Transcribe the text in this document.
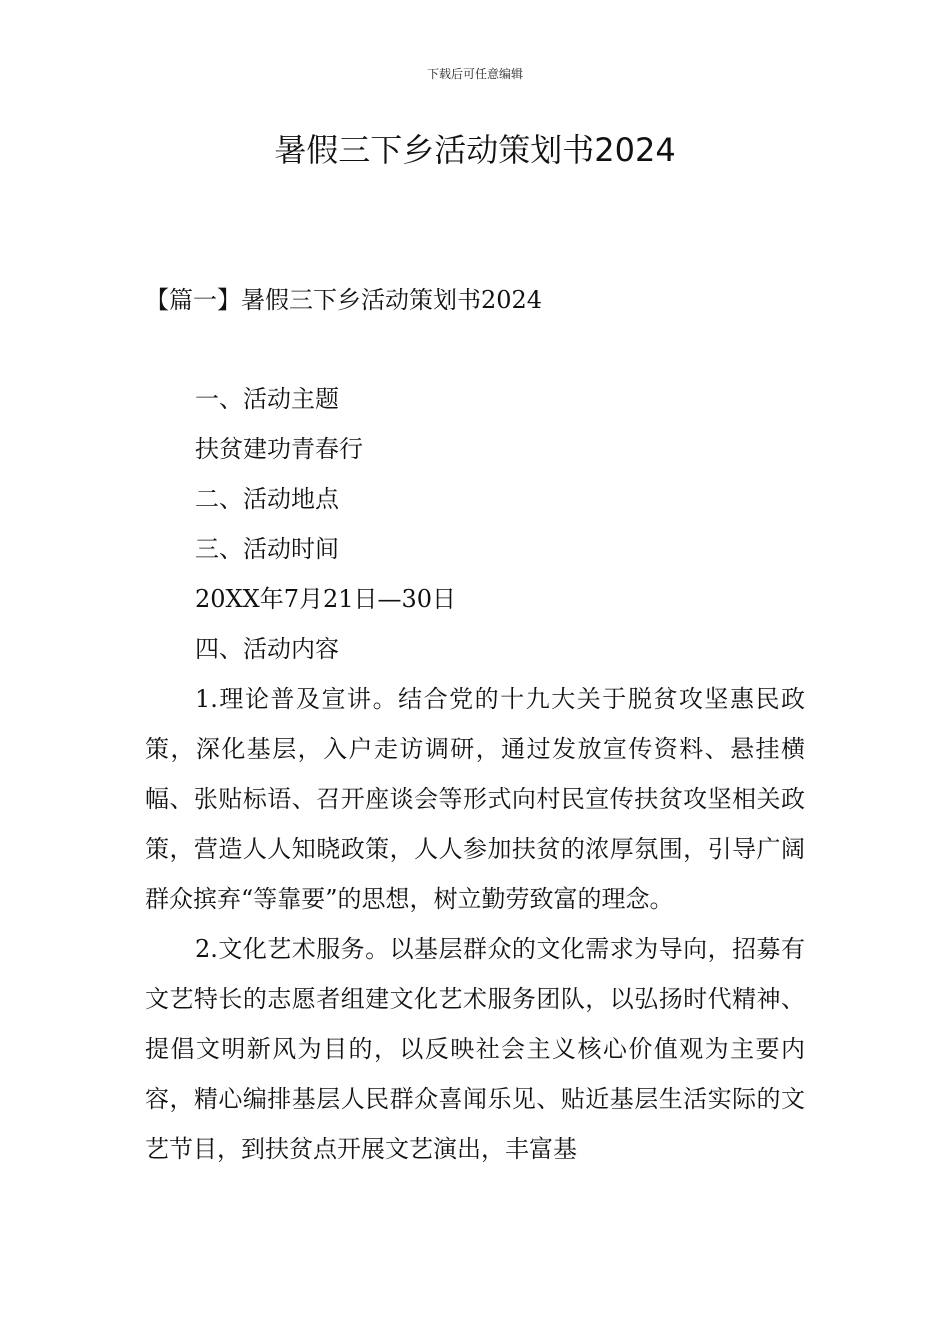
下载后可任意编辑
暑假三下乡活动策划书2024
【篇一】暑假三下乡活动策划书2024

一、活动主题

扶贫建功青春行

二、活动地点

三、活动时间

20XX年7月21日—30日

四、活动内容

1.理论普及宣讲。结合党的十九大关于脱贫攻坚惠民政策，深化基层，入户走访调研，通过发放宣传资料、悬挂横幅、张贴标语、召开座谈会等形式向村民宣传扶贫攻坚相关政策，营造人人知晓政策，人人参加扶贫的浓厚氛围，引导广阔群众摈弃“等靠要”的思想，树立勤劳致富的理念。

2.文化艺术服务。以基层群众的文化需求为导向，招募有文艺特长的志愿者组建文化艺术服务团队，以弘扬时代精神、提倡文明新风为目的，以反映社会主义核心价值观为主要内容，精心编排基层人民群众喜闻乐见、贴近基层生活实际的文艺节目，到扶贫点开展文艺演出，丰富基
